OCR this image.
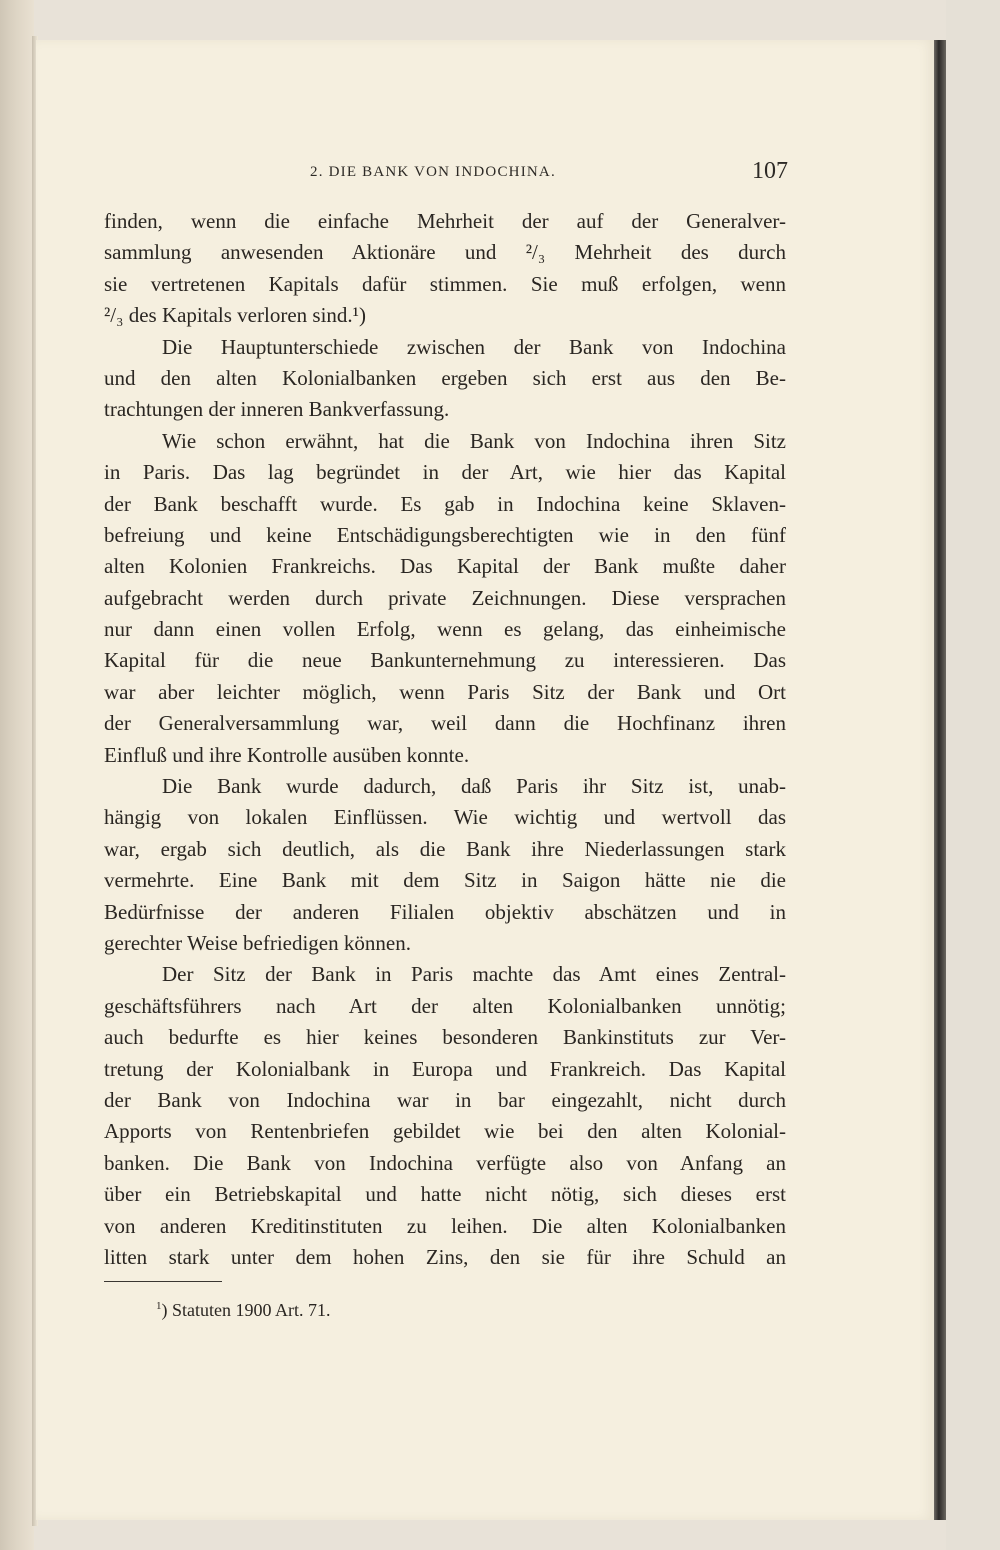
2. DIE BANK VON INDOCHINA.	107
finden, wenn die einfache Mehrheit der auf der Generalver-
sammlung anwesenden Aktionäre und ²/₃ Mehrheit des durch
sie vertretenen Kapitals dafür stimmen. Sie muß erfolgen, wenn
²/₃ des Kapitals verloren sind.¹)
Die Hauptunterschiede zwischen der Bank von Indochina
und den alten Kolonialbanken ergeben sich erst aus den Be-
trachtungen der inneren Bankverfassung.
Wie schon erwähnt, hat die Bank von Indochina ihren Sitz
in Paris. Das lag begründet in der Art, wie hier das Kapital
der Bank beschafft wurde. Es gab in Indochina keine Sklaven-
befreiung und keine Entschädigungsberechtigten wie in den fünf
alten Kolonien Frankreichs. Das Kapital der Bank mußte daher
aufgebracht werden durch private Zeichnungen. Diese versprachen
nur dann einen vollen Erfolg, wenn es gelang, das einheimische
Kapital für die neue Bankunternehmung zu interessieren. Das
war aber leichter möglich, wenn Paris Sitz der Bank und Ort
der Generalversammlung war, weil dann die Hochfinanz ihren
Einfluß und ihre Kontrolle ausüben konnte.
Die Bank wurde dadurch, daß Paris ihr Sitz ist, unab-
hängig von lokalen Einflüssen. Wie wichtig und wertvoll das
war, ergab sich deutlich, als die Bank ihre Niederlassungen stark
vermehrte. Eine Bank mit dem Sitz in Saigon hätte nie die
Bedürfnisse der anderen Filialen objektiv abschätzen und in
gerechter Weise befriedigen können.
Der Sitz der Bank in Paris machte das Amt eines Zentral-
geschäftsführers nach Art der alten Kolonialbanken unnötig;
auch bedurfte es hier keines besonderen Bankinstituts zur Ver-
tretung der Kolonialbank in Europa und Frankreich. Das Kapital
der Bank von Indochina war in bar eingezahlt, nicht durch
Apports von Rentenbriefen gebildet wie bei den alten Kolonial-
banken. Die Bank von Indochina verfügte also von Anfang an
über ein Betriebskapital und hatte nicht nötig, sich dieses erst
von anderen Kreditinstituten zu leihen. Die alten Kolonialbanken
litten stark unter dem hohen Zins, den sie für ihre Schuld an
$^1$) Statuten 1900 Art. 71.
